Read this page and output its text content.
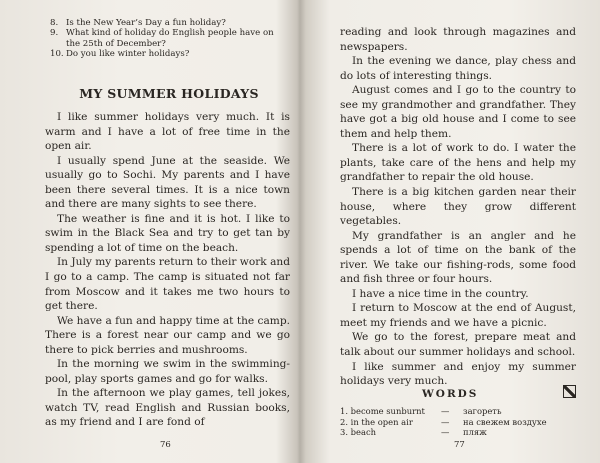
8. Is the New Year’s Day a fun holiday?
9. What kind of holiday do English people have on
the 25th of December?
10. Do you like winter holidays?
MY SUMMER HOLIDAYS

I like summer holidays very much. It is warm and I have a lot of free time in the open air.

I usually spend June at the seaside. We usually go to Sochi. My parents and I have been there several times. It is a nice town and there are many sights to see there.

The weather is fine and it is hot. I like to swim in the Black Sea and try to get tan by spending a lot of time on the beach.

In July my parents return to their work and I go to a camp. The camp is situated not far from Moscow and it takes me two hours to get there.

We have a fun and happy time at the camp. There is a forest near our camp and we go there to pick berries and mushrooms.

In the morning we swim in the swimming-pool, play sports games and go for walks.

In the afternoon we play games, tell jokes, watch TV, read English and Russian books, as my friend and I are fond of

76

reading and look through magazines and newspapers.

In the evening we dance, play chess and do lots of interesting things.

August comes and I go to the country to see my grandmother and grandfather. They have got a big old house and I come to see them and help them.

There is a lot of work to do. I water the plants, take care of the hens and help my grandfather to repair the old house.

There is a big kitchen garden near their house, where they grow different vegetables.

My grandfather is an angler and he spends a lot of time on the bank of the river. We take our fishing-rods, some food and fish three or four hours.

I have a nice time in the country.

I return to Moscow at the end of August, meet my friends and we have a picnic.

We go to the forest, prepare meat and talk about our summer holidays and school.

I like summer and enjoy my summer holidays very much.

WORDS
1. become sunburnt	—	загореть
2. in the open air	—	на свежем воздухе
3. beach	—	пляж
77
